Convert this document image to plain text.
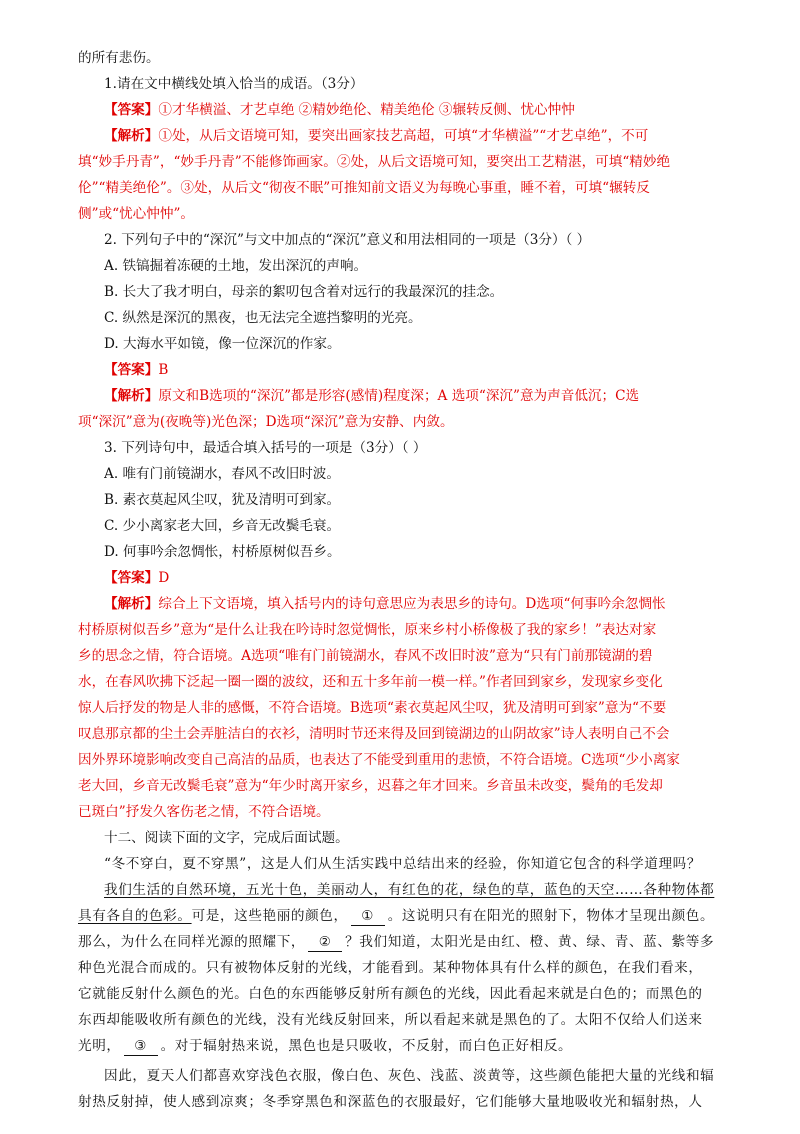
的所有悲伤。
1.请在文中横线处填入恰当的成语。（3分）
【答案】①才华横溢、才艺卓绝 ②精妙绝伦、精美绝伦 ③辗转反侧、忧心忡忡
【解析】①处，从后文语境可知，要突出画家技艺高超，可填“才华横溢”“才艺卓绝”，不可
填“妙手丹青”，“妙手丹青”不能修饰画家。②处，从后文语境可知，要突出工艺精湛，可填“精妙绝
伦”“精美绝伦”。③处，从后文“彻夜不眠”可推知前文语义为每晚心事重，睡不着，可填“辗转反
侧”或“忧心忡忡”。
2. 下列句子中的“深沉”与文中加点的“深沉”意义和用法相同的一项是（3分）（ ）
A. 铁镐掘着冻硬的土地，发出深沉的声响。
B. 长大了我才明白，母亲的絮叨包含着对远行的我最深沉的挂念。
C. 纵然是深沉的黑夜，也无法完全遮挡黎明的光亮。
D. 大海水平如镜，像一位深沉的作家。
【答案】B
【解析】原文和B选项的“深沉”都是形容(感情)程度深；A 选项“深沉”意为声音低沉；C选
项“深沉”意为(夜晚等)光色深；D选项“深沉”意为安静、内敛。
3. 下列诗句中，最适合填入括号的一项是（3分）（ ）
A. 唯有门前镜湖水，春风不改旧时波。
B. 素衣莫起风尘叹，犹及清明可到家。
C. 少小离家老大回，乡音无改鬓毛衰。
D. 何事吟余忽惆怅，村桥原树似吾乡。
【答案】D
【解析】综合上下文语境，填入括号内的诗句意思应为表思乡的诗句。D选项“何事吟余忽惆怅
村桥原树似吾乡”意为“是什么让我在吟诗时忽觉惆怅，原来乡村小桥像极了我的家乡！”表达对家
乡的思念之情，符合语境。A选项“唯有门前镜湖水，春风不改旧时波”意为“只有门前那镜湖的碧
水，在春风吹拂下泛起一圈一圈的波纹，还和五十多年前一模一样。”作者回到家乡，发现家乡变化
惊人后抒发的物是人非的感慨，不符合语境。B选项“素衣莫起风尘叹，犹及清明可到家”意为“不要
叹息那京都的尘土会弄脏洁白的衣衫，清明时节还来得及回到镜湖边的山阴故家”诗人表明自己不会
因外界环境影响改变自己高洁的品质，也表达了不能受到重用的悲愤，不符合语境。C选项“少小离家
老大回，乡音无改鬓毛衰”意为“年少时离开家乡，迟暮之年才回来。乡音虽未改变，鬓角的毛发却
已斑白”抒发久客伤老之情，不符合语境。
十二、阅读下面的文字，完成后面试题。
“冬不穿白，夏不穿黑”，这是人们从生活实践中总结出来的经验，你知道它包含的科学道理吗？
我们生活的自然环境，五光十色，美丽动人，有红色的花，绿色的草，蓝色的天空……各种物体都
具有各自的色彩。可是，这些艳丽的颜色， ① 。这说明只有在阳光的照射下，物体才呈现出颜色。
那么，为什么在同样光源的照耀下， ② ？我们知道，太阳光是由红、橙、黄、绿、青、蓝、紫等多
种色光混合而成的。只有被物体反射的光线，才能看到。某种物体具有什么样的颜色，在我们看来，
它就能反射什么颜色的光。白色的东西能够反射所有颜色的光线，因此看起来就是白色的；而黑色的
东西却能吸收所有颜色的光线，没有光线反射回来，所以看起来就是黑色的了。太阳不仅给人们送来
光明， ③ 。对于辐射热来说，黑色也是只吸收，不反射，而白色正好相反。
因此，夏天人们都喜欢穿浅色衣服，像白色、灰色、浅蓝、淡黄等，这些颜色能把大量的光线和辐
射热反射掉，使人感到凉爽；冬季穿黑色和深蓝色的衣服最好，它们能够大量地吸收光和辐射热，人
